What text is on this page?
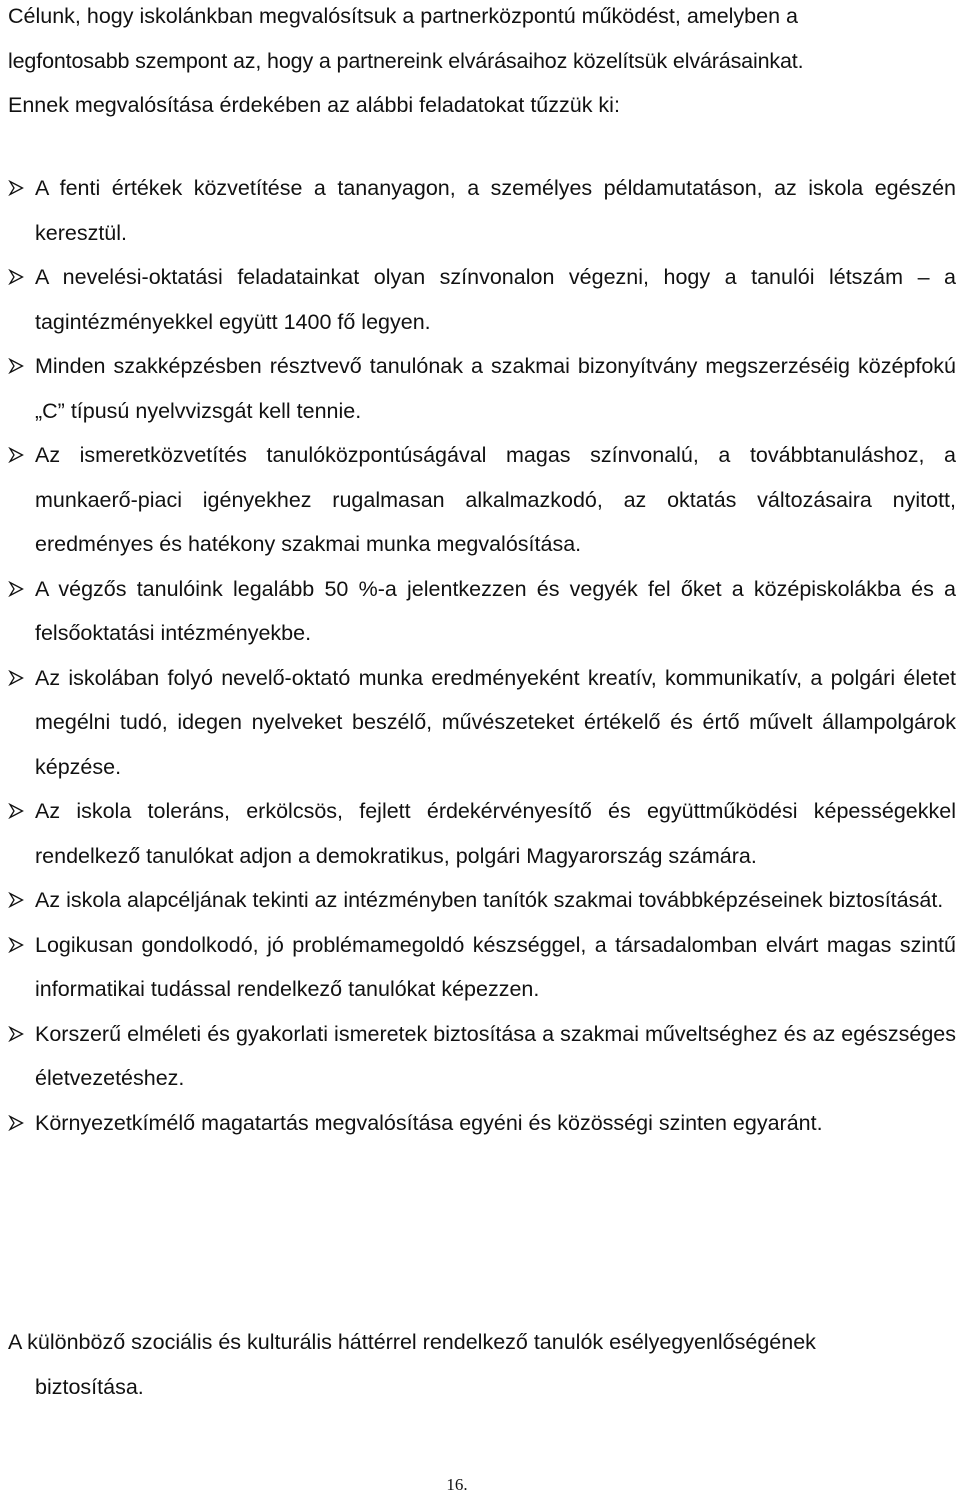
Célunk, hogy iskolánkban megvalósítsuk a partnerközpontú működést, amelyben a
legfontosabb szempont az, hogy a partnereink elvárásaihoz közelítsük elvárásainkat.
Ennek megvalósítása érdekében az alábbi feladatokat tűzzük ki:
A fenti értékek közvetítése a tananyagon, a személyes példamutatáson, az iskola egészén keresztül.
A nevelési-oktatási feladatainkat olyan színvonalon végezni, hogy a tanulói létszám – a tagintézményekkel együtt 1400 fő legyen.
Minden szakképzésben résztvevő tanulónak a szakmai bizonyítvány megszerzéséig középfokú „C” típusú nyelvvizsgát kell tennie.
Az ismeretközvetítés tanulóközpontúságával magas színvonalú, a továbbtanuláshoz, a munkaerő-piaci igényekhez rugalmasan alkalmazkodó, az oktatás változásaira nyitott, eredményes és hatékony szakmai munka megvalósítása.
A végzős tanulóink legalább 50 %-a jelentkezzen és vegyék fel őket a középiskolákba és a felsőoktatási intézményekbe.
Az iskolában folyó nevelő-oktató munka eredményeként kreatív, kommunikatív, a polgári életet megélni tudó, idegen nyelveket beszélő, művészeteket értékelő és értő művelt állampolgárok képzése.
Az iskola toleráns, erkölcsös, fejlett érdekérvényesítő és együttműködési képességekkel rendelkező tanulókat adjon a demokratikus, polgári Magyarország számára.
Az iskola alapcéljának tekinti az intézményben tanítók szakmai továbbképzéseinek biztosítását.
Logikusan gondolkodó, jó problémamegoldó készséggel, a társadalomban elvárt magas szintű informatikai tudással rendelkező tanulókat képezzen.
Korszerű elméleti és gyakorlati ismeretek biztosítása a szakmai műveltséghez és az egészséges életvezetéshez.
Környezetkímélő magatartás megvalósítása egyéni és közösségi szinten egyaránt.
A különböző szociális és kulturális háttérrel rendelkező tanulók esélyegyenlőségének
biztosítása.
16.
